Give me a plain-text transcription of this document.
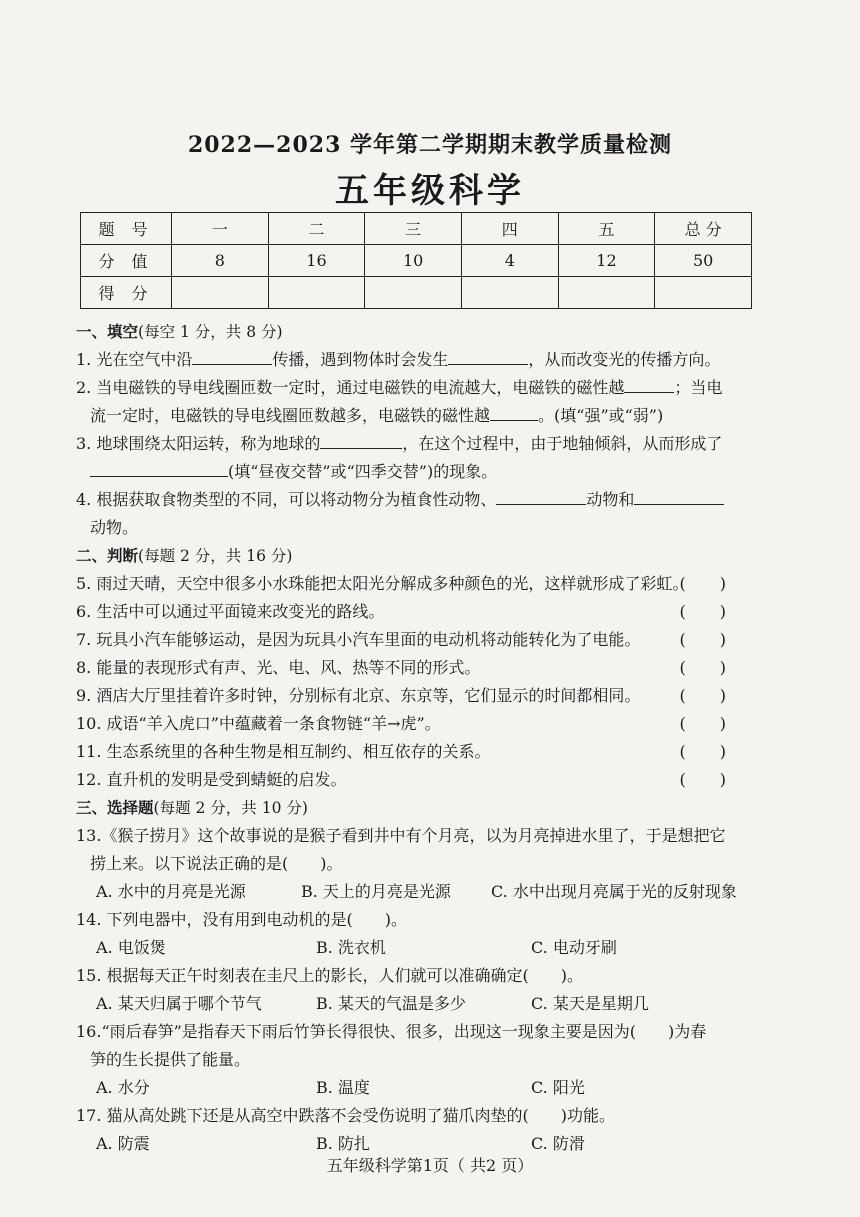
2022—2023 学年第二学期期末教学质量检测
五年级科学
题 号	一	二	三	四	五	总 分
分 值	8	16	10	4	12	50
得 分						
一、填空(每空 1 分，共 8 分)
1. 光在空气中沿	传播，遇到物体时会发生	，从而改变光的传播方向。
2. 当电磁铁的导电线圈匝数一定时，通过电磁铁的电流越大，电磁铁的磁性越	；当电
流一定时，电磁铁的导电线圈匝数越多，电磁铁的磁性越	。(填“强”或“弱”)
3. 地球围绕太阳运转，称为地球的	，在这个过程中，由于地轴倾斜，从而形成了
(填“昼夜交替”或“四季交替”)的现象。
4. 根据获取食物类型的不同，可以将动物分为植食性动物、	动物和
动物。
二、判断(每题 2 分，共 16 分)
5. 雨过天晴，天空中很多小水珠能把太阳光分解成多种颜色的光，这样就形成了彩虹。
()
6. 生活中可以通过平面镜来改变光的路线。	()
7. 玩具小汽车能够运动，是因为玩具小汽车里面的电动机将动能转化为了电能。 ()
8. 能量的表现形式有声、光、电、风、热等不同的形式。	()
9. 酒店大厅里挂着许多时钟，分别标有北京、东京等，它们显示的时间都相同。 ()
10. 成语“羊入虎口”中蕴藏着一条食物链“羊→虎”。	()
11. 生态系统里的各种生物是相互制约、相互依存的关系。	()
12. 直升机的发明是受到蜻蜓的启发。	()
三、选择题(每题 2 分，共 10 分)
13.《猴子捞月》这个故事说的是猴子看到井中有个月亮，以为月亮掉进水里了，于是想把它
捞上来。以下说法正确的是(　　)。
A. 水中的月亮是光源	B. 天上的月亮是光源	C. 水中出现月亮属于光的反射现象
14. 下列电器中，没有用到电动机的是(　　)。
A. 电饭煲	B. 洗衣机	C. 电动牙刷
15. 根据每天正午时刻表在圭尺上的影长，人们就可以准确确定(　　)。
A. 某天归属于哪个节气	B. 某天的气温是多少	C. 某天是星期几
16.“雨后春笋”是指春天下雨后竹笋长得很快、很多，出现这一现象主要是因为(　　)为春
笋的生长提供了能量。
A. 水分	B. 温度	C. 阳光
17. 猫从高处跳下还是从高空中跌落不会受伤说明了猫爪肉垫的(　　)功能。
A. 防震	B. 防扎	C. 防滑
五年级科学第1页（ 共2 页）
